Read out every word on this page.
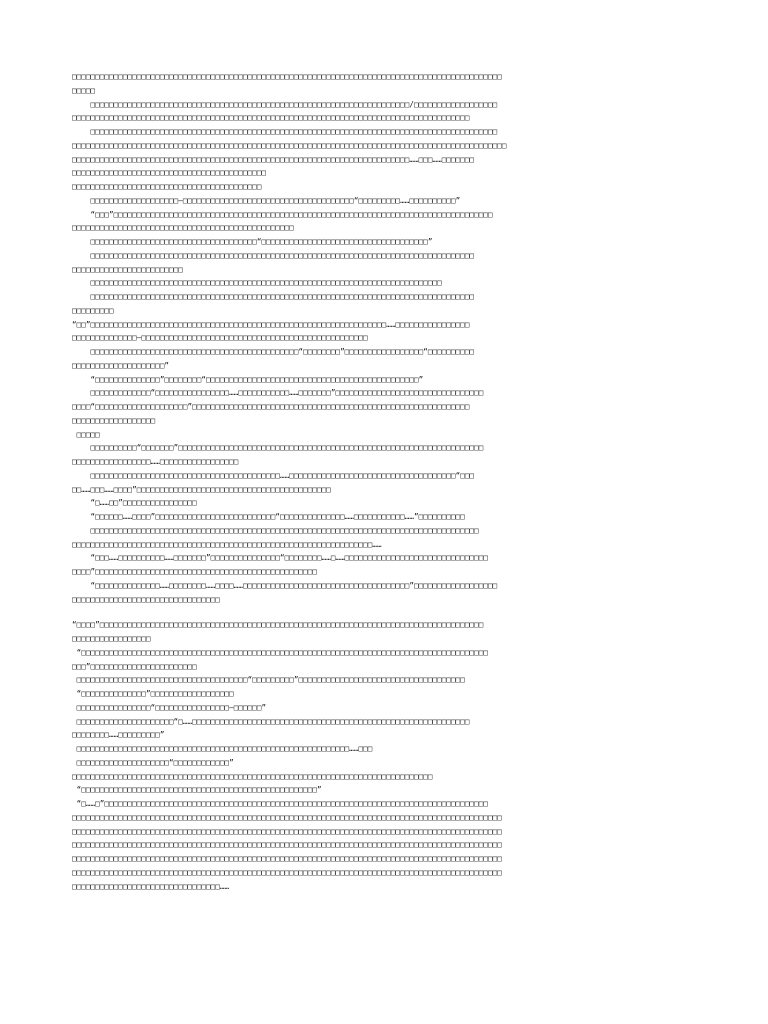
□□□□□□□□□□□□□□□□□□□□□□□□□□□□□□□□□□□□□□□□□□□□□□□□□□□□□□□□□□□□□□□□□□□□□□□□□□□□□□□□□□□□□□□□□□□□□
□□□□□
□□□□□□□□□□□□□□□□□□□□□□□□□□□□□□□□□□□□□□□□□□□□□□□□□□□□□□□□□□□□□□□□□□□□□/□□□□□□□□□□□□□□□□□□
□□□□□□□□□□□□□□□□□□□□□□□□□□□□□□□□□□□□□□□□□□□□□□□□□□□□□□□□□□□□□□□□□□□□□□□□□□□□□□□□□□□□□□
□□□□□□□□□□□□□□□□□□□□□□□□□□□□□□□□□□□□□□□□□□□□□□□□□□□□□□□□□□□□□□□□□□□□□□□□□□□□□□□□□□□□□□□□
□□□□□□□□□□□□□□□□□□□□□□□□□□□□□□□□□□□□□□□□□□□□□□□□□□□□□□□□□□□□□□□□□□□□□□□□□□□□□□□□□□□□□□□□□□□□□□
□□□□□□□□□□□□□□□□□□□□□□□□□□□□□□□□□□□□□□□□□□□□□□□□□□□□□□□□□□□□□□□□□□□□□□□□□……□□□……□□□□□□□
□□□□□□□□□□□□□□□□□□□□□□□□□□□□□□□□□□□□□□□□□□
□□□□□□□□□□□□□□□□□□□□□□□□□□□□□□□□□□□□□□□□□
□□□□□□□□□□□□□□□□□□□—□□□□□□□□□□□□□□□□□□□□□□□□□□□□□□□□□□□□□“□□□□□□□□□……□□□□□□□□□□”
“□□□”□□□□□□□□□□□□□□□□□□□□□□□□□□□□□□□□□□□□□□□□□□□□□□□□□□□□□□□□□□□□□□□□□□□□□□□□□□□□□□□□□□
□□□□□□□□□□□□□□□□□□□□□□□□□□□□□□□□□□□□□□□□□□□□□□□□
□□□□□□□□□□□□□□□□□□□□□□□□□□□□□□□□□□□□“□□□□□□□□□□□□□□□□□□□□□□□□□□□□□□□□□□□□”
□□□□□□□□□□□□□□□□□□□□□□□□□□□□□□□□□□□□□□□□□□□□□□□□□□□□□□□□□□□□□□□□□□□□□□□□□□□□□□□□□□□
□□□□□□□□□□□□□□□□□□□□□□□□
□□□□□□□□□□□□□□□□□□□□□□□□□□□□□□□□□□□□□□□□□□□□□□□□□□□□□□□□□□□□□□□□□□□□□□□□□□□□
□□□□□□□□□□□□□□□□□□□□□□□□□□□□□□□□□□□□□□□□□□□□□□□□□□□□□□□□□□□□□□□□□□□□□□□□□□□□□□□□□□□
□□□□□□□□□
“□□”□□□□□□□□□□□□□□□□□□□□□□□□□□□□□□□□□□□□□□□□□□□□□□□□□□□□□□□□□□□□□□□□……□□□□□□□□□□□□□□□□
□□□□□□□□□□□□□□—□□□□□□□□□□□□□□□□□□□□□□□□□□□□□□□□□□□□□□□□□□□□□□□□□
□□□□□□□□□□□□□□□□□□□□□□□□□□□□□□□□□□□□□□□□□□□□□“□□□□□□□□”□□□□□□□□□□□□□□□□□“□□□□□□□□□□
□□□□□□□□□□□□□□□□□□□□”
“□□□□□□□□□□□□□□”□□□□□□□□“□□□□□□□□□□□□□□□□□□□□□□□□□□□□□□□□□□□□□□□□□□□□□□”
□□□□□□□□□□□□□“□□□□□□□□□□□□□□□□……□□□□□□□□□□□……□□□□□□□”□□□□□□□□□□□□□□□□□□□□□□□□□□□□□□□□
□□□□“□□□□□□□□□□□□□□□□□□□□”□□□□□□□□□□□□□□□□□□□□□□□□□□□□□□□□□□□□□□□□□□□□□□□□□□□□□□□□□□□□
□□□□□□□□□□□□□□□□□□
□□□□□
□□□□□□□□□□“□□□□□□□”□□□□□□□□□□□□□□□□□□□□□□□□□□□□□□□□□□□□□□□□□□□□□□□□□□□□□□□□□□□□□□□□□□
□□□□□□□□□□□□□□□□□……□□□□□□□□□□□□□□□□□
□□□□□□□□□□□□□□□□□□□□□□□□□□□□□□□□□□□□□□□□□……□□□□□□□□□□□□□□□□□□□□□□□□□□□□□□□□□□□□“□□□
□□……□□□……□□□□”□□□□□□□□□□□□□□□□□□□□□□□□□□□□□□□□□□□□□□□□□□
“□……□□”□□□□□□□□□□□□□□□□
“□□□□□□……□□□□”□□□□□□□□□□□□□□□□□□□□□□□□□□“□□□□□□□□□□□□□□……□□□□□□□□□□□……”□□□□□□□□□□
□□□□□□□□□□□□□□□□□□□□□□□□□□□□□□□□□□□□□□□□□□□□□□□□□□□□□□□□□□□□□□□□□□□□□□□□□□□□□□□□□□□□
□□□□□□□□□□□□□□□□□□□□□□□□□□□□□□□□□□□□□□□□□□□□□□□□□□□□□□□□□□□□□□□□□……
“□□□……□□□□□□□□□□……□□□□□□□”□□□□□□□□□□□□□□□“□□□□□□□□……□……□□□□□□□□□□□□□□□□□□□□□□□□□□□□□□□
□□□□”□□□□□□□□□□□□□□□□□□□□□□□□□□□□□□□□□□□□□□□□□□□□□□□□
“□□□□□□□□□□□□□□……□□□□□□□□……□□□□……□□□□□□□□□□□□□□□□□□□□□□□□□□□□□□□□□□□□”□□□□□□□□□□□□□□□□□□
□□□□□□□□□□□□□□□□□□□□□□□□□□□□□□□□
“□□□□”□□□□□□□□□□□□□□□□□□□□□□□□□□□□□□□□□□□□□□□□□□□□□□□□□□□□□□□□□□□□□□□□□□□□□□□□□□□□□□□□□□□
□□□□□□□□□□□□□□□□□
“□□□□□□□□□□□□□□□□□□□□□□□□□□□□□□□□□□□□□□□□□□□□□□□□□□□□□□□□□□□□□□□□□□□□□□□□□□□□□□□□□□□□□□□□
□□□”□□□□□□□□□□□□□□□□□□□□□□□
□□□□□□□□□□□□□□□□□□□□□□□□□□□□□□□□□□□□□“□□□□□□□□□”□□□□□□□□□□□□□□□□□□□□□□□□□□□□□□□□□□□□
“□□□□□□□□□□□□□□”□□□□□□□□□□□□□□□□□□
□□□□□□□□□□□□□□□□“□□□□□□□□□□□□□□□□—□□□□□□”
□□□□□□□□□□□□□□□□□□□□□“□……□□□□□□□□□□□□□□□□□□□□□□□□□□□□□□□□□□□□□□□□□□□□□□□□□□□□□□□□□□□□
□□□□□□□□……□□□□□□□□□”
□□□□□□□□□□□□□□□□□□□□□□□□□□□□□□□□□□□□□□□□□□□□□□□□□□□□□□□□□□□……□□□
□□□□□□□□□□□□□□□□□□□□“□□□□□□□□□□□□”
□□□□□□□□□□□□□□□□□□□□□□□□□□□□□□□□□□□□□□□□□□□□□□□□□□□□□□□□□□□□□□□□□□□□□□□□□□□□□□
“□□□□□□□□□□□□□□□□□□□□□□□□□□□□□□□□□□□□□□□□□□□□□□□□□□□”
“□……□”□□□□□□□□□□□□□□□□□□□□□□□□□□□□□□□□□□□□□□□□□□□□□□□□□□□□□□□□□□□□□□□□□□□□□□□□□□□□□□□□□□□
□□□□□□□□□□□□□□□□□□□□□□□□□□□□□□□□□□□□□□□□□□□□□□□□□□□□□□□□□□□□□□□□□□□□□□□□□□□□□□□□□□□□□□□□□□□□□
□□□□□□□□□□□□□□□□□□□□□□□□□□□□□□□□□□□□□□□□□□□□□□□□□□□□□□□□□□□□□□□□□□□□□□□□□□□□□□□□□□□□□□□□□□□□□
□□□□□□□□□□□□□□□□□□□□□□□□□□□□□□□□□□□□□□□□□□□□□□□□□□□□□□□□□□□□□□□□□□□□□□□□□□□□□□□□□□□□□□□□□□□□□
□□□□□□□□□□□□□□□□□□□□□□□□□□□□□□□□□□□□□□□□□□□□□□□□□□□□□□□□□□□□□□□□□□□□□□□□□□□□□□□□□□□□□□□□□□□□□
□□□□□□□□□□□□□□□□□□□□□□□□□□□□□□□□□□□□□□□□□□□□□□□□□□□□□□□□□□□□□□□□□□□□□□□□□□□□□□□□□□□□□□□□□□□□□
□□□□□□□□□□□□□□□□□□□□□□□□□□□□□□□□……
